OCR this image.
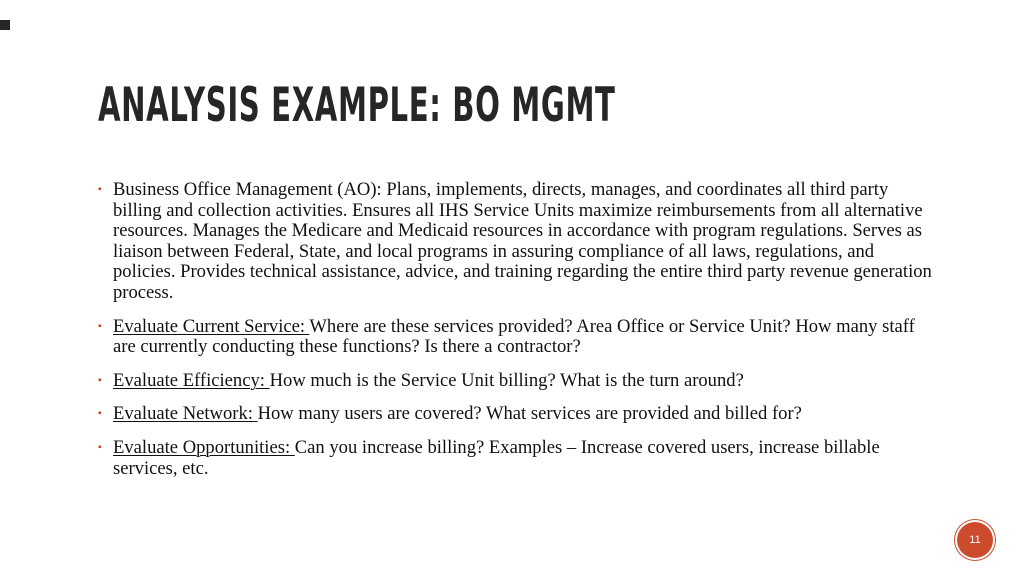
ANALYSIS EXAMPLE: BO MGMT
▪ Business Office Management (AO): Plans, implements, directs, manages, and coordinates all third party billing and collection activities. Ensures all IHS Service Units maximize reimbursements from all alternative resources. Manages the Medicare and Medicaid resources in accordance with program regulations. Serves as liaison between Federal, State, and local programs in assuring compliance of all laws, regulations, and policies. Provides technical assistance, advice, and training regarding the entire third party revenue generation process.
▪ Evaluate Current Service: Where are these services provided? Area Office or Service Unit? How many staff are currently conducting these functions? Is there a contractor?
▪ Evaluate Efficiency: How much is the Service Unit billing? What is the turn around?
▪ Evaluate Network: How many users are covered? What services are provided and billed for?
▪ Evaluate Opportunities: Can you increase billing? Examples – Increase covered users, increase billable services, etc.
11
